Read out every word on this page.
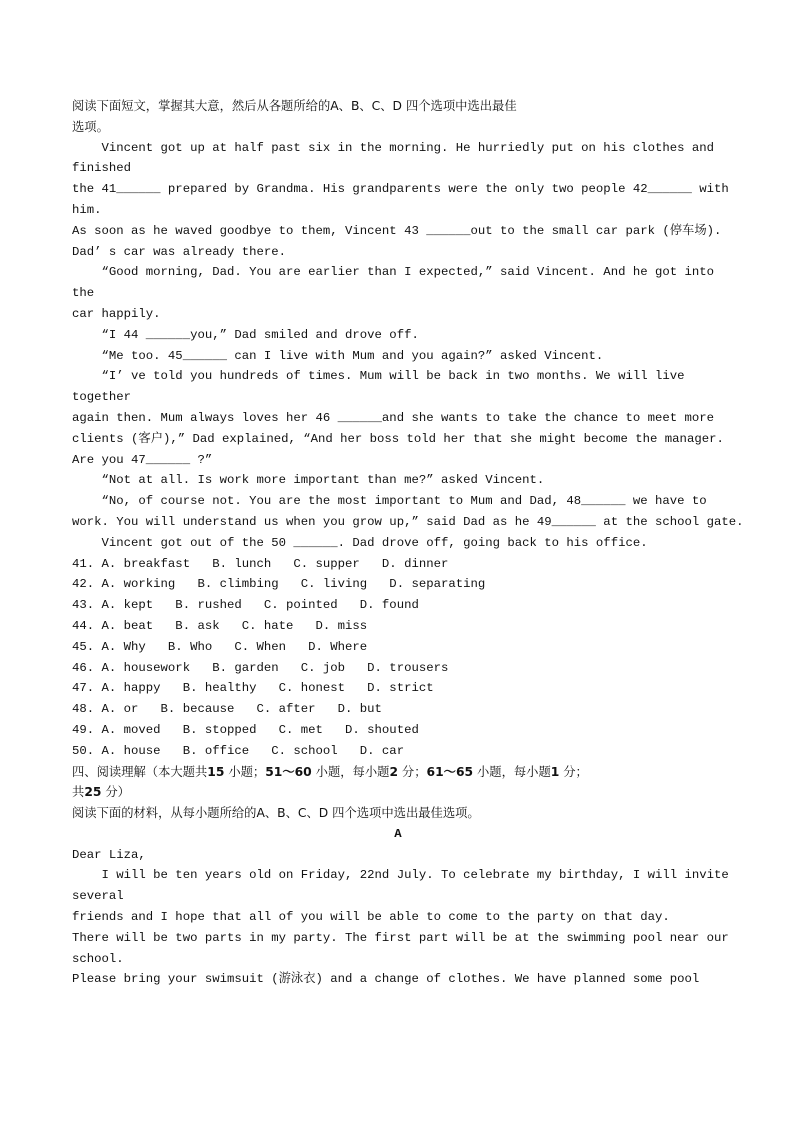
阅读下面短文，掌握其大意，然后从各题所给的A、B、C、D 四个选项中选出最佳
选项。
Vincent got up at half past six in the morning. He hurriedly put on his clothes and
finished
the 41______ prepared by Grandma. His grandparents were the only two people 42______ with
him.
As soon as he waved goodbye to them, Vincent 43 ______out to the small car park (停车场).
Dad’ s car was already there.
“Good morning, Dad. You are earlier than I expected,” said Vincent. And he got into
the
car happily.
“I 44 ______you,” Dad smiled and drove off.
“Me too. 45______ can I live with Mum and you again?” asked Vincent.
“I’ ve told you hundreds of times. Mum will be back in two months. We will live
together
again then. Mum always loves her 46 ______and she wants to take the chance to meet more
clients (客户),” Dad explained, “And her boss told her that she might become the manager.
Are you 47______ ?”
“Not at all. Is work more important than me?” asked Vincent.
“No, of course not. You are the most important to Mum and Dad, 48______ we have to
work. You will understand us when you grow up,” said Dad as he 49______ at the school gate.
Vincent got out of the 50 ______. Dad drove off, going back to his office.
41. A. breakfast   B. lunch   C. supper   D. dinner
42. A. working   B. climbing   C. living   D. separating
43. A. kept   B. rushed   C. pointed   D. found
44. A. beat   B. ask   C. hate   D. miss
45. A. Why   B. Who   C. When   D. Where
46. A. housework   B. garden   C. job   D. trousers
47. A. happy   B. healthy   C. honest   D. strict
48. A. or   B. because   C. after   D. but
49. A. moved   B. stopped   C. met   D. shouted
50. A. house   B. office   C. school   D. car
四、阅读理解（本大题共15 小题；51～60 小题，每小题2 分；61～65 小题，每小题1 分；
共25 分）
阅读下面的材料，从每小题所给的A、B、C、D 四个选项中选出最佳选项。
A
Dear Liza,
I will be ten years old on Friday, 22nd July. To celebrate my birthday, I will invite
several
friends and I hope that all of you will be able to come to the party on that day.
There will be two parts in my party. The first part will be at the swimming pool near our
school.
Please bring your swimsuit (游泳衣) and a change of clothes. We have planned some pool
